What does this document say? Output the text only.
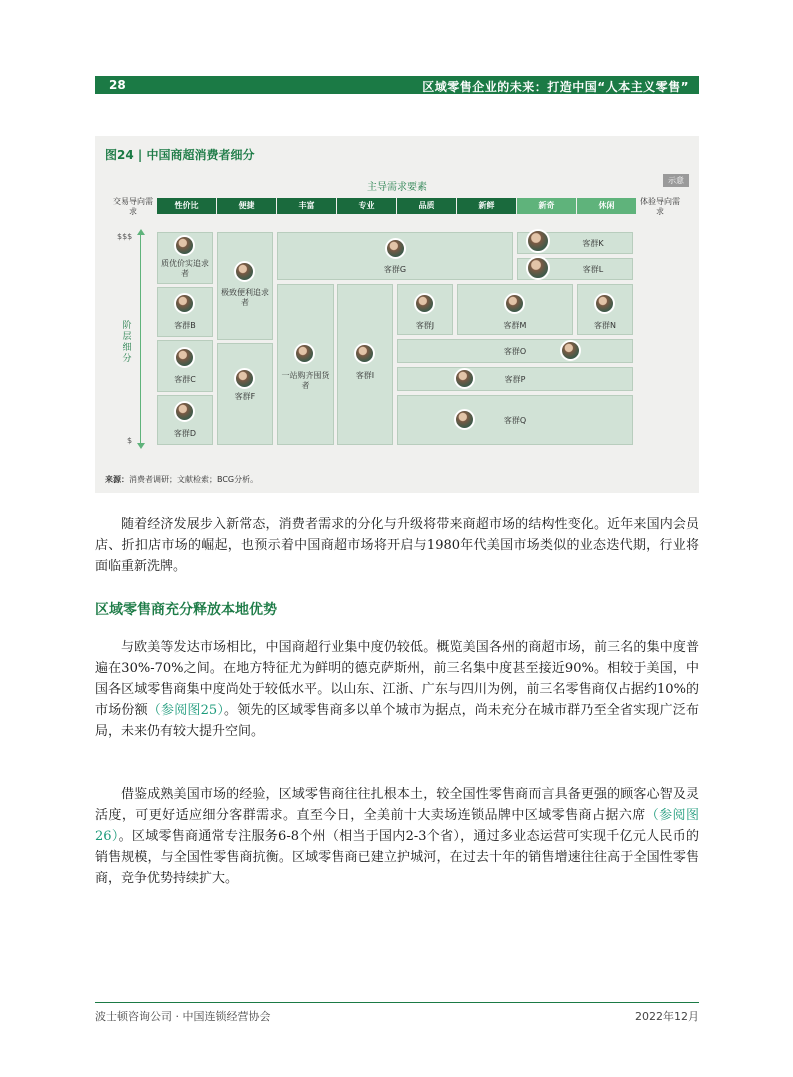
28	区域零售企业的未来：打造中国“人本主义零售”
图24 | 中国商超消费者细分
示意
主导需求要素
交易导向需求
体验导向需求
性价比	便捷	丰富	专业	品质	新鲜	新奇	休闲
$$$
$
阶层细分
质优价实追求者
客群B
客群C
客群D
极致便利追求者
客群F
客群G
一站购齐囤货者
客群I
客群J	客群M	客群N
客群K
客群L
客群O
客群P
客群Q
来源：消费者调研；文献检索；BCG分析。

随着经济发展步入新常态，消费者需求的分化与升级将带来商超市场的结构性变化。近年来国内会员店、折扣店市场的崛起，也预示着中国商超市场将开启与1980年代美国市场类似的业态迭代期，行业将面临重新洗牌。

区域零售商充分释放本地优势

与欧美等发达市场相比，中国商超行业集中度仍较低。概览美国各州的商超市场，前三名的集中度普遍在30%-70%之间。在地方特征尤为鲜明的德克萨斯州，前三名集中度甚至接近90%。相较于美国，中国各区域零售商集中度尚处于较低水平。以山东、江浙、广东与四川为例，前三名零售商仅占据约10%的市场份额（参阅图25）。领先的区域零售商多以单个城市为据点，尚未充分在城市群乃至全省实现广泛布局，未来仍有较大提升空间。

借鉴成熟美国市场的经验，区域零售商往往扎根本土，较全国性零售商而言具备更强的顾客心智及灵活度，可更好适应细分客群需求。直至今日，全美前十大卖场连锁品牌中区域零售商占据六席（参阅图26）。区域零售商通常专注服务6-8个州（相当于国内2-3个省），通过多业态运营可实现千亿元人民币的销售规模，与全国性零售商抗衡。区域零售商已建立护城河，在过去十年的销售增速往往高于全国性零售商，竞争优势持续扩大。

波士顿咨询公司 · 中国连锁经营协会	2022年12月
